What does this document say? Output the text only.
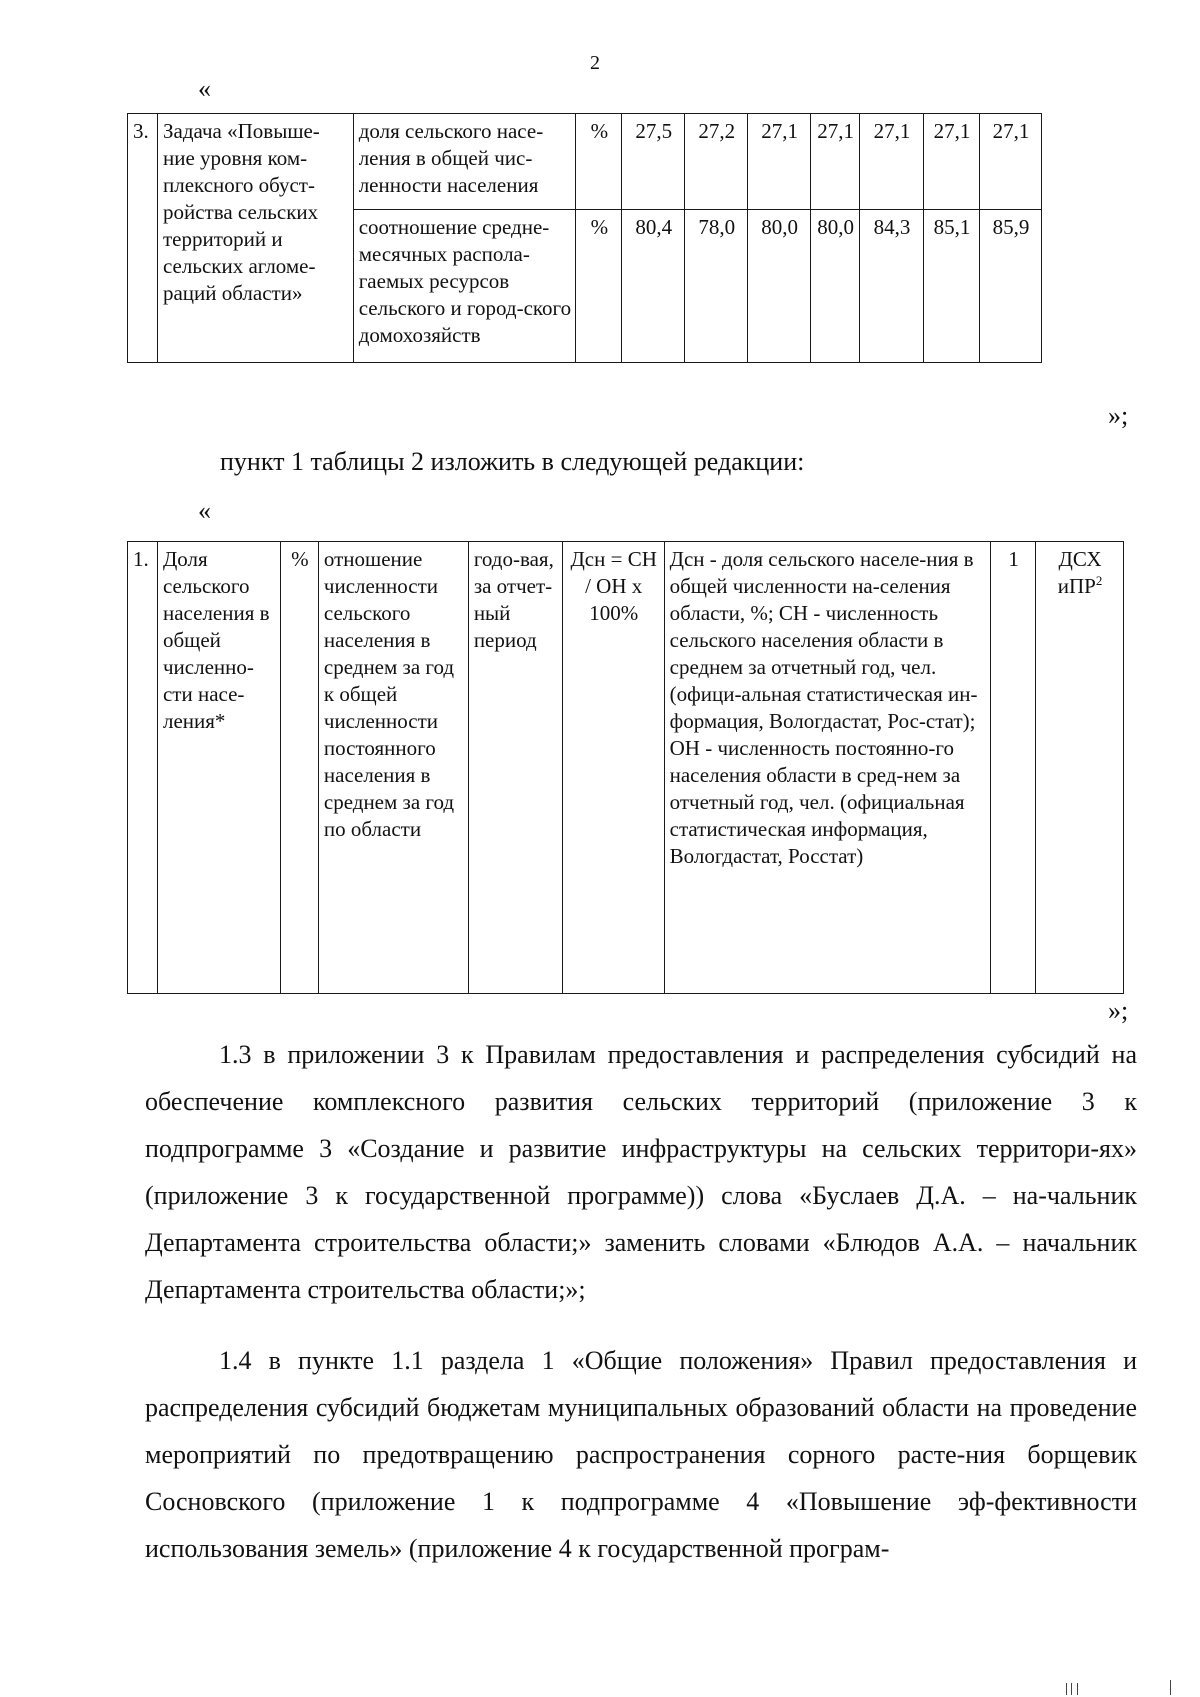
2
«
3.	Задача «Повыше-ние уровня ком-плексного обуст-ройства сельских территорий и сельских агломе-раций области»	доля сельского насе-ления в общей чис-ленности населения	%	27,5	27,2	27,1	27,1	27,1	27,1	27,1
		соотношение средне-месячных распола-гаемых ресурсов сельского и город-ского домохозяйств	%	80,4	78,0	80,0	80,0	84,3	85,1	85,9
»;
пункт 1 таблицы 2 изложить в следующей редакции:
«
1.	Доля сельского населения в общей численно-сти насе-ления*	%	отношение численности сельского населения в среднем за год к общей численности постоянного населения в среднем за год по области	годо-вая, за отчет-ный период	Дсн = СН / ОН х 100%	Дсн - доля сельского населе-ния в общей численности на-селения области, %; СН - численность сельского населения области в среднем за отчетный год, чел. (офици-альная статистическая ин-формация, Вологдастат, Рос-стат); ОН - численность постоянно-го населения области в сред-нем за отчетный год, чел. (официальная статистическая информация, Вологдастат, Росстат)	1	ДСХ иПР$^2$
»;
1.3 в приложении 3 к Правилам предоставления и распределения субсидий на обеспечение комплексного развития сельских территорий (приложение 3 к подпрограмме 3 «Создание и развитие инфраструктуры на сельских территори-ях» (приложение 3 к государственной программе)) слова «Буслаев Д.А. – на-чальник Департамента строительства области;» заменить словами «Блюдов А.А. – начальник Департамента строительства области;»;
1.4 в пункте 1.1 раздела 1 «Общие положения» Правил предоставления и распределения субсидий бюджетам муниципальных образований области на проведение мероприятий по предотвращению распространения сорного расте-ния борщевик Сосновского (приложение 1 к подпрограмме 4 «Повышение эф-фективности использования земель» (приложение 4 к государственной програм-
